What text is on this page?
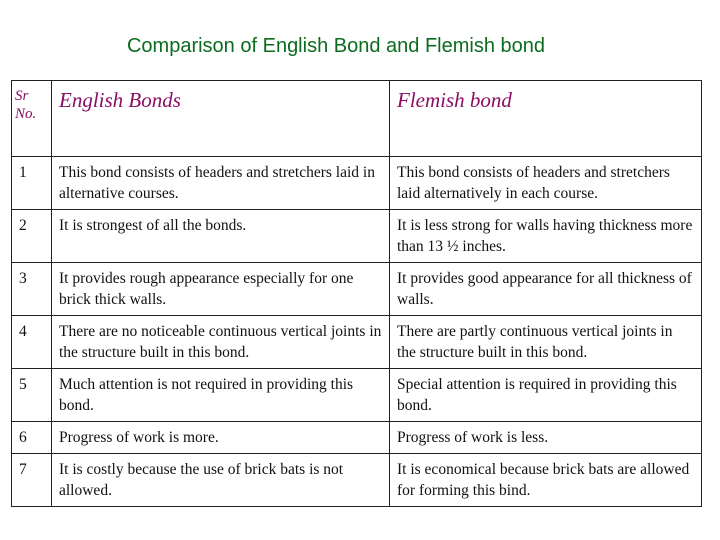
Comparison of English Bond and Flemish bond
Sr No.	English Bonds	Flemish bond
1	This bond consists of headers and stretchers laid in alternative courses.	This bond consists of headers and stretchers laid alternatively in each course.
2	It is strongest of all the bonds.	It is less strong for walls having thickness more than 13 ½ inches.
3	It provides rough appearance especially for one brick thick walls.	It provides good appearance for all thickness of walls.
4	There are no noticeable continuous vertical joints in the structure built in this bond.	There are partly continuous vertical joints in the structure built in this bond.
5	Much attention is not required in providing this bond.	Special attention is required in providing this bond.
6	Progress of work is more.	Progress of work is less.
7	It is costly because the use of brick bats is not allowed.	It is economical because brick bats are allowed for forming this bind.
